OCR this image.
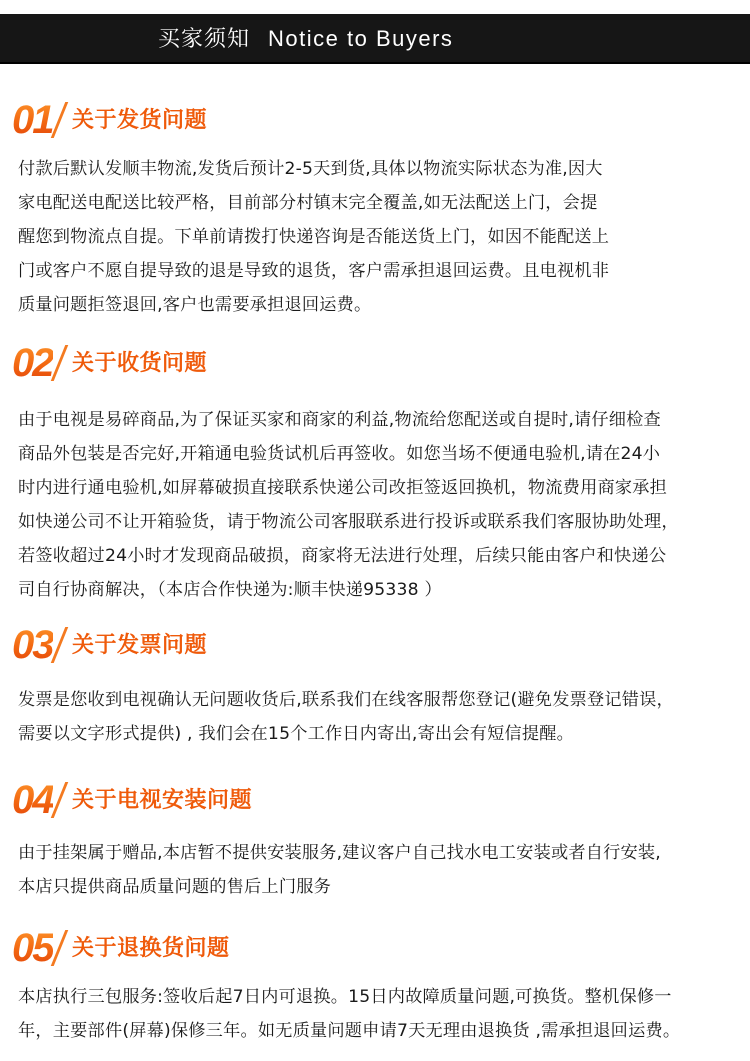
买家须知 Notice to Buyers
01 关于发货问题
付款后默认发顺丰物流,发货后预计2-5天到货,具体以物流实际状态为准,因大
家电配送电配送比较严格，目前部分村镇末完全覆盖,如无法配送上门，会提
醒您到物流点自提。下单前请拨打快递咨询是否能送货上门，如因不能配送上
门或客户不愿自提导致的退是导致的退货，客户需承担退回运费。且电视机非
质量问题拒签退回,客户也需要承担退回运费。
02 关于收货问题
由于电视是易碎商品,为了保证买家和商家的利益,物流给您配送或自提时,请仔细检查
商品外包装是否完好,开箱通电验货试机后再签收。如您当场不便通电验机,请在24小
时内进行通电验机,如屏幕破损直接联系快递公司改拒签返回换机，物流费用商家承担
如快递公司不让开箱验货，请于物流公司客服联系进行投诉或联系我们客服协助处理，
若签收超过24小时才发现商品破损，商家将无法进行处理，后续只能由客户和快递公
司自行协商解决，（本店合作快递为:顺丰快递95338 ）
03 关于发票问题
发票是您收到电视确认无问题收货后,联系我们在线客服帮您登记(避免发票登记错误，
需要以文字形式提供) , 我们会在15个工作日内寄出,寄出会有短信提醒。
04 关于电视安装问题
由于挂架属于赠品,本店暂不提供安装服务,建议客户自己找水电工安装或者自行安装,
本店只提供商品质量问题的售后上门服务
05 关于退换货问题
本店执行三包服务:签收后起7日内可退换。15日内故障质量问题,可换货。整机保修一
年，主要部件(屏幕)保修三年。如无质量问题申请7天无理由退换货 ,需承担退回运费。
